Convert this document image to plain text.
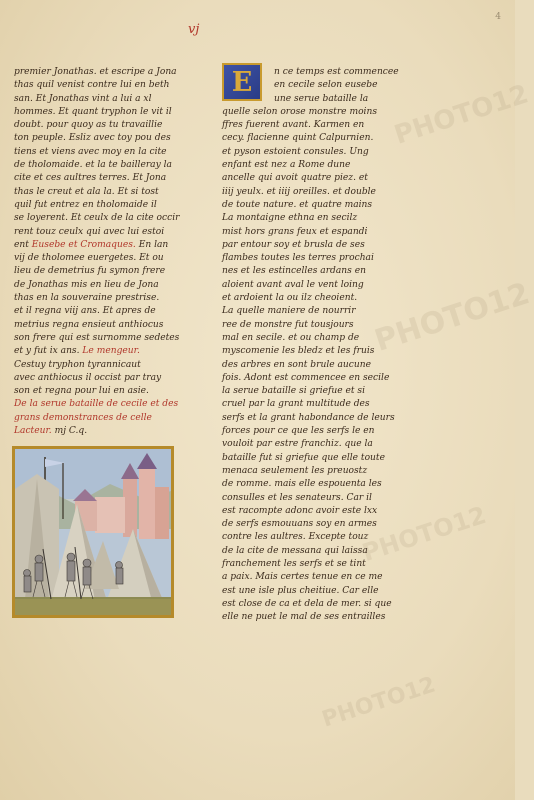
vj
4
PHOTO12
PHOTO12
PHOTO12
PHOTO12
premier Jonathas. et escripe a Jona
thas quil venist contre lui en beth
san. Et Jonathas vint a lui a xl
hommes. Et quant tryphon le vit il
doubt. pour quoy as tu travaillie
ton peuple. Esliz avec toy pou des
tiens et viens avec moy en la cite
de tholomaide. et la te bailleray la
cite et ces aultres terres. Et Jona
thas le creut et ala la. Et si tost
quil fut entrez en tholomaide il
se loyerent. Et ceulx de la cite occir
rent touz ceulx qui avec lui estoi
ent Eusebe et Cromaques. En lan
vij de tholomee euergetes. Et ou
lieu de demetrius fu symon frere
de Jonathas mis en lieu de Jona
thas en la souveraine prestrise.
et il regna viij ans. Et apres de
metrius regna ensieut anthiocus
son frere qui est surnomme sedetes
et y fut ix ans. Le mengeur.
Cestuy tryphon tyrannicaut
avec anthiocus il occist par tray
son et regna pour lui en asie.
De la serue bataille de cecile et des
grans demonstrances de celle
Lacteur. mj C.q.
E	n ce temps est commencee
en cecile selon eusebe
une serue bataille la
quelle selon orose monstre moins
ffres fuerent avant. Karmen en
cecy. flacienne quint Calpurnien.
et pyson estoient consules. Ung
enfant est nez a Rome dune
ancelle qui avoit quatre piez. et
iiij yeulx. et iiij oreilles. et double
de toute nature. et quatre mains
La montaigne ethna en secilz
mist hors grans feux et espandi
par entour soy et brusla de ses
flambes toutes les terres prochai
nes et les estincelles ardans en
aloient avant aval le vent loing
et ardoient la ou ilz cheoient.
La quelle maniere de nourrir
ree de monstre fut tousjours
mal en secile. et ou champ de
myscomenie les bledz et les fruis
des arbres en sont brule aucune
fois. Adont est commencee en secile
la serue bataille si griefue et si
cruel par la grant multitude des
serfs et la grant habondance de leurs
forces pour ce que les serfs le en
vouloit par estre franchiz. que la
bataille fut si griefue que elle toute
menaca seulement les preuostz
de romme. mais elle espouenta les
consulles et les senateurs. Car il
est racompte adonc avoir este lxx
de serfs esmouuans soy en armes
contre les aultres. Excepte touz
de la cite de messana qui laissa
franchement les serfs et se tint
a paix. Mais certes tenue en ce me
est une isle plus cheitiue. Car elle
est close de ca et dela de mer. si que
elle ne puet le mal de ses entrailles
